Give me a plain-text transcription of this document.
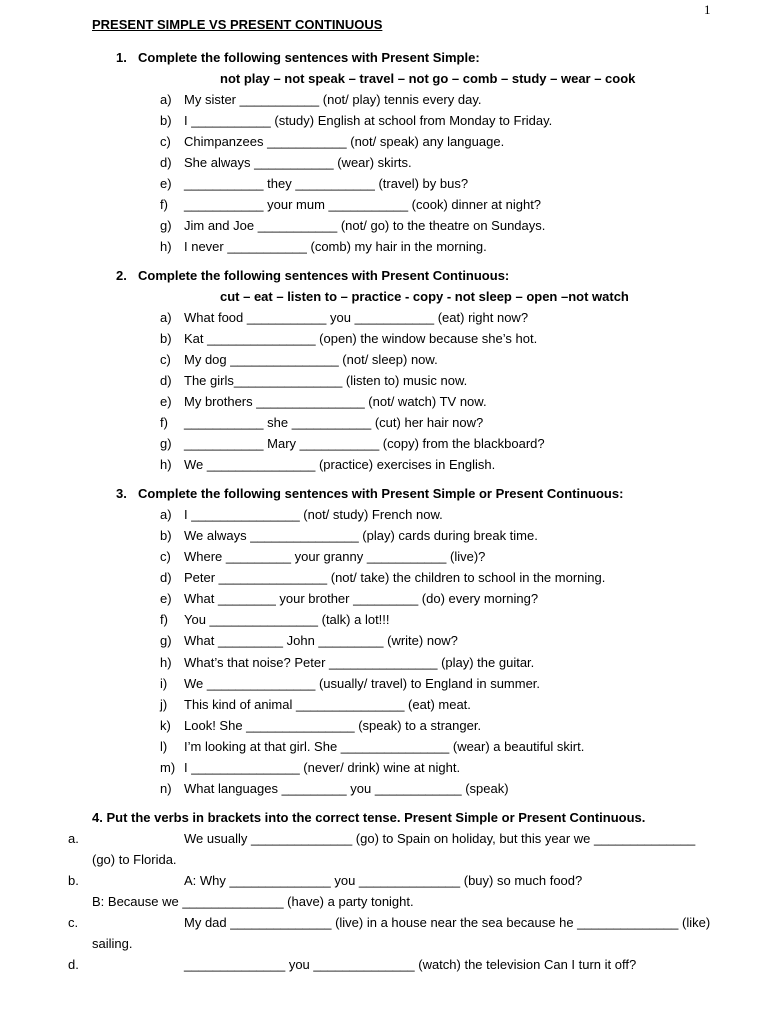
1
PRESENT SIMPLE VS PRESENT CONTINUOUS
1. Complete the following sentences with Present Simple:
not play – not speak – travel – not go – comb – study – wear – cook
a) My sister ___________ (not/ play) tennis every day.
b) I ___________ (study) English at school from Monday to Friday.
c) Chimpanzees ___________ (not/ speak) any language.
d) She always ___________ (wear) skirts.
e) ___________ they ___________ (travel) by bus?
f) ___________ your mum ___________ (cook) dinner at night?
g) Jim and Joe ___________ (not/ go) to the theatre on Sundays.
h) I never ___________ (comb) my hair in the morning.
2. Complete the following sentences with Present Continuous:
cut – eat – listen to – practice - copy - not sleep – open –not watch
a) What food ___________ you ___________ (eat) right now?
b) Kat _______________ (open) the window because she’s hot.
c) My dog _______________ (not/ sleep) now.
d) The girls_______________ (listen to) music now.
e) My brothers _______________ (not/ watch) TV now.
f) ___________ she ___________ (cut) her hair now?
g) ___________ Mary ___________ (copy) from the blackboard?
h) We _______________ (practice) exercises in English.
3. Complete the following sentences with Present Simple or Present Continuous:
a) I _______________ (not/ study) French now.
b) We always _______________ (play) cards during break time.
c) Where _________ your granny ___________ (live)?
d) Peter _______________ (not/ take) the children to school in the morning.
e) What ________ your brother _________ (do) every morning?
f) You _______________ (talk) a lot!!!
g) What _________ John _________ (write) now?
h) What’s that noise? Peter _______________ (play) the guitar.
i) We _______________ (usually/ travel) to England in summer.
j) This kind of animal _______________ (eat) meat.
k) Look! She _______________ (speak) to a stranger.
l) I’m looking at that girl. She _______________ (wear) a beautiful skirt.
m) I _______________ (never/ drink) wine at night.
n) What languages _________ you ____________ (speak)
4. Put the verbs in brackets into the correct tense. Present Simple or Present Continuous.
a.	We usually ______________ (go) to Spain on holiday, but this year we ______________
(go) to Florida.
b.	A: Why ______________ you ______________ (buy) so much food?
B: Because we ______________ (have) a party tonight.
c.	My dad ______________ (live) in a house near the sea because he ______________ (like)
sailing.
d.	______________ you ______________ (watch) the television Can I turn it off?
